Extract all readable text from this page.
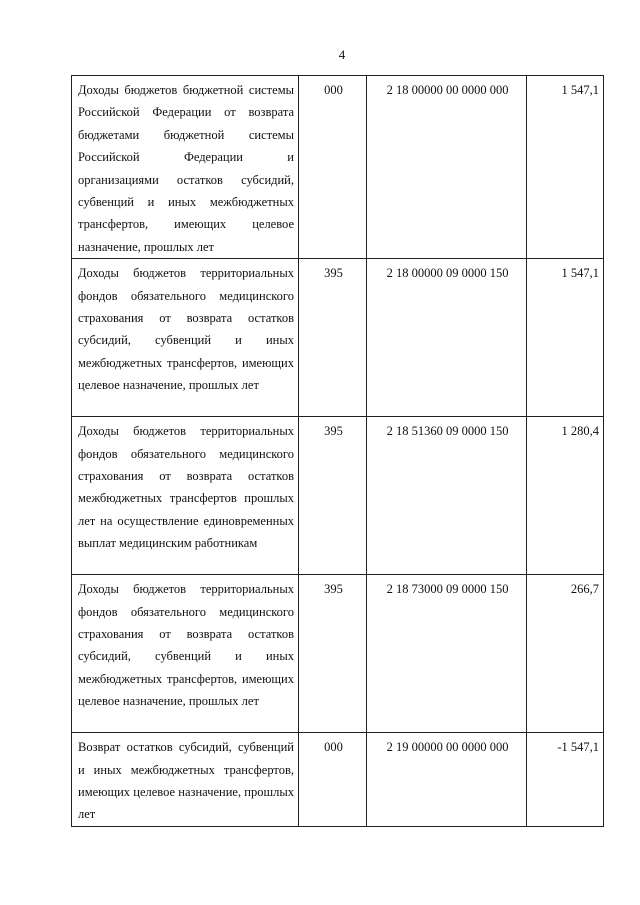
4
Доходы бюджетов бюджетной системы Российской Федерации от возврата бюджетами бюджетной системы Российской Федерации и организациями остатков субсидий, субвенций и иных межбюджетных трансфертов, имеющих целевое назначение, прошлых лет	000	2 18 00000 00 0000 000	1 547,1
Доходы бюджетов территориальных фондов обязательного медицинского страхования от возврата остатков субсидий, субвенций и иных межбюджетных трансфертов, имеющих целевое назначение, прошлых лет	395	2 18 00000 09 0000 150	1 547,1
Доходы бюджетов территориальных фондов обязательного медицинского страхования от возврата остатков межбюджетных трансфертов прошлых лет на осуществление единовременных выплат медицинским работникам	395	2 18 51360 09 0000 150	1 280,4
Доходы бюджетов территориальных фондов обязательного медицинского страхования от возврата остатков субсидий, субвенций и иных межбюджетных трансфертов, имеющих целевое назначение, прошлых лет	395	2 18 73000 09 0000 150	266,7
Возврат остатков субсидий, субвенций и иных межбюджетных трансфертов, имеющих целевое назначение, прошлых лет	000	2 19 00000 00 0000 000	-1 547,1
